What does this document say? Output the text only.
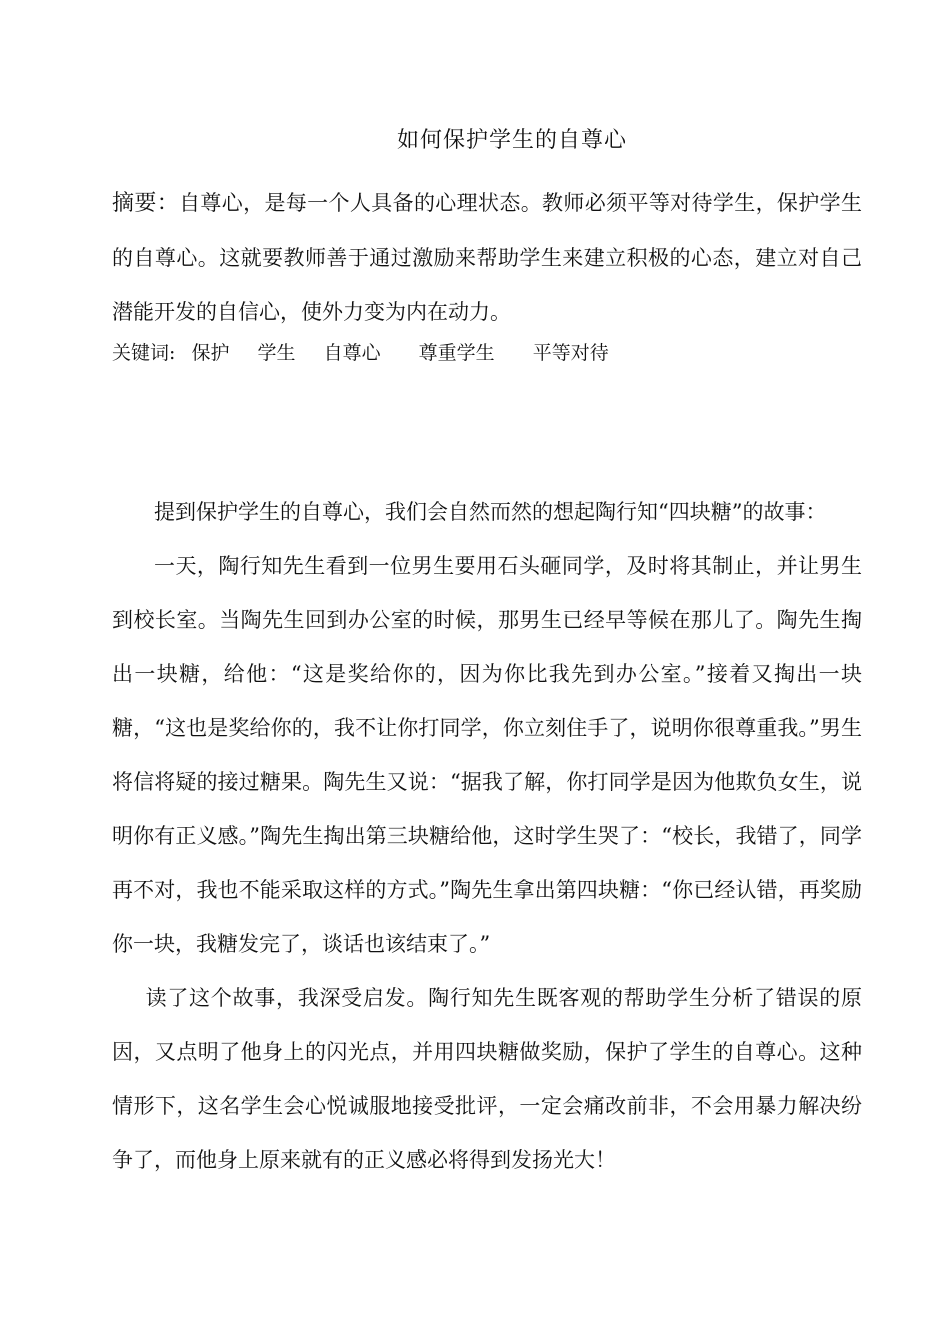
如何保护学生的自尊心
摘要：自尊心，是每一个人具备的心理状态。教师必须平等对待学生，保护学生的自尊心。这就要教师善于通过激励来帮助学生来建立积极的心态，建立对自己潜能开发的自信心，使外力变为内在动力。
关键词: 保护 学生 自尊心 尊重学生 平等对待

提到保护学生的自尊心，我们会自然而然的想起陶行知“四块糖”的故事：

一天，陶行知先生看到一位男生要用石头砸同学，及时将其制止，并让男生到校长室。当陶先生回到办公室的时候，那男生已经早等候在那儿了。陶先生掏出一块糖，给他：“这是奖给你的，因为你比我先到办公室。”接着又掏出一块糖，“这也是奖给你的，我不让你打同学，你立刻住手了，说明你很尊重我。”男生将信将疑的接过糖果。陶先生又说：“据我了解，你打同学是因为他欺负女生，说明你有正义感。”陶先生掏出第三块糖给他，这时学生哭了：“校长，我错了，同学再不对，我也不能采取这样的方式。”陶先生拿出第四块糖：“你已经认错，再奖励你一块，我糖发完了，谈话也该结束了。”

读了这个故事，我深受启发。陶行知先生既客观的帮助学生分析了错误的原因，又点明了他身上的闪光点，并用四块糖做奖励，保护了学生的自尊心。这种情形下，这名学生会心悦诚服地接受批评，一定会痛改前非，不会用暴力解决纷争了，而他身上原来就有的正义感必将得到发扬光大！
